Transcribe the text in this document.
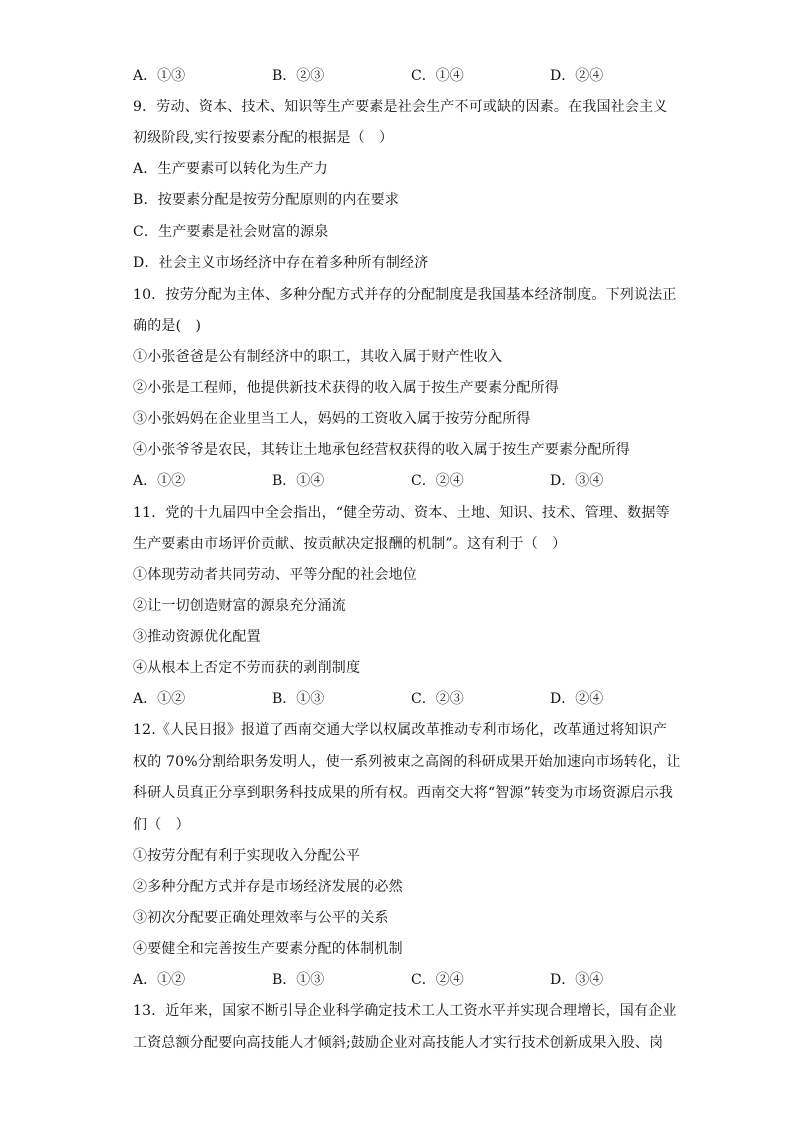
A．①③	B．②③	C．①④	D．②④
9．劳动、资本、技术、知识等生产要素是社会生产不可或缺的因素。在我国社会主义
初级阶段,实行按要素分配的根据是（　）
A．生产要素可以转化为生产力
B．按要素分配是按劳分配原则的内在要求
C．生产要素是社会财富的源泉
D．社会主义市场经济中存在着多种所有制经济
10．按劳分配为主体、多种分配方式并存的分配制度是我国基本经济制度。下列说法正
确的是(　)
①小张爸爸是公有制经济中的职工，其收入属于财产性收入
②小张是工程师，他提供新技术获得的收入属于按生产要素分配所得
③小张妈妈在企业里当工人，妈妈的工资收入属于按劳分配所得
④小张爷爷是农民，其转让土地承包经营权获得的收入属于按生产要素分配所得
A．①②	B．①④	C．②④	D．③④
11．党的十九届四中全会指出，“健全劳动、资本、土地、知识、技术、管理、数据等
生产要素由市场评价贡献、按贡献决定报酬的机制”。这有利于（　）
①体现劳动者共同劳动、平等分配的社会地位
②让一切创造财富的源泉充分涌流
③推动资源优化配置
④从根本上否定不劳而获的剥削制度
A．①②	B．①③	C．②③	D．②④
12.《人民日报》报道了西南交通大学以权属改革推动专利市场化，改革通过将知识产
权的 70%分割给职务发明人，使一系列被束之高阁的科研成果开始加速向市场转化，让
科研人员真正分享到职务科技成果的所有权。西南交大将“智源”转变为市场资源启示我
们（　）
①按劳分配有利于实现收入分配公平
②多种分配方式并存是市场经济发展的必然
③初次分配要正确处理效率与公平的关系
④要健全和完善按生产要素分配的体制机制
A．①②	B．①③	C．②④	D．③④
13．近年来，国家不断引导企业科学确定技术工人工资水平并实现合理增长，国有企业
工资总额分配要向高技能人才倾斜;鼓励企业对高技能人才实行技术创新成果入股、岗
